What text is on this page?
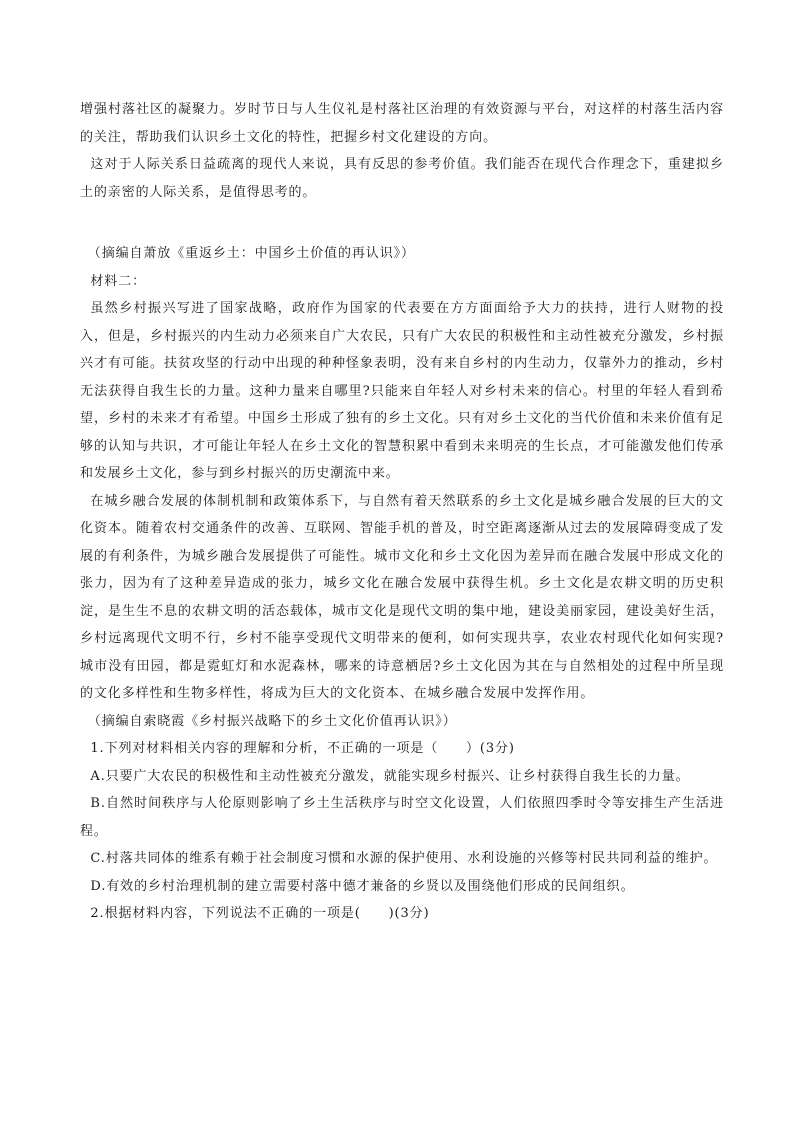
增强村落社区的凝聚力。岁时节日与人生仪礼是村落社区治理的有效资源与平台，对这样的村落生活内容的关注，帮助我们认识乡土文化的特性，把握乡村文化建设的方向。

这对于人际关系日益疏离的现代人来说，具有反思的参考价值。我们能否在现代合作理念下，重建拟乡土的亲密的人际关系，是值得思考的。

（摘编自萧放《重返乡土：中国乡土价值的再认识》）

材料二：

虽然乡村振兴写进了国家战略，政府作为国家的代表要在方方面面给予大力的扶持，进行人财物的投入，但是，乡村振兴的内生动力必须来自广大农民，只有广大农民的积极性和主动性被充分激发，乡村振兴才有可能。扶贫攻坚的行动中出现的种种怪象表明，没有来自乡村的内生动力，仅靠外力的推动，乡村无法获得自我生长的力量。这种力量来自哪里?只能来自年轻人对乡村未来的信心。村里的年轻人看到希望，乡村的未来才有希望。中国乡土形成了独有的乡土文化。只有对乡土文化的当代价值和未来价值有足够的认知与共识，才可能让年轻人在乡土文化的智慧积累中看到未来明亮的生长点，才可能激发他们传承和发展乡土文化，参与到乡村振兴的历史潮流中来。

在城乡融合发展的体制机制和政策体系下，与自然有着天然联系的乡土文化是城乡融合发展的巨大的文化资本。随着农村交通条件的改善、互联网、智能手机的普及，时空距离逐渐从过去的发展障碍变成了发展的有利条件，为城乡融合发展提供了可能性。城市文化和乡土文化因为差异而在融合发展中形成文化的张力，因为有了这种差异造成的张力，城乡文化在融合发展中获得生机。乡土文化是农耕文明的历史积淀，是生生不息的农耕文明的活态载体，城市文化是现代文明的集中地，建设美丽家园，建设美好生活，乡村远离现代文明不行，乡村不能享受现代文明带来的便利，如何实现共享，农业农村现代化如何实现?城市没有田园，都是霓虹灯和水泥森林，哪来的诗意栖居?乡土文化因为其在与自然相处的过程中所呈现的文化多样性和生物多样性，将成为巨大的文化资本、在城乡融合发展中发挥作用。

（摘编自索晓霞《乡村振兴战略下的乡土文化价值再认识》）

1.下列对材料相关内容的理解和分析，不正确的一项是（　　）(3分)

A.只要广大农民的积极性和主动性被充分激发，就能实现乡村振兴、让乡村获得自我生长的力量。

B.自然时间秩序与人伦原则影响了乡土生活秩序与时空文化设置，人们依照四季时令等安排生产生活进程。

C.村落共同体的维系有赖于社会制度习惯和水源的保护使用、水利设施的兴修等村民共同利益的维护。

D.有效的乡村治理机制的建立需要村落中德才兼备的乡贤以及围绕他们形成的民间组织。

2.根据材料内容，下列说法不正确的一项是(　　)(3分)
